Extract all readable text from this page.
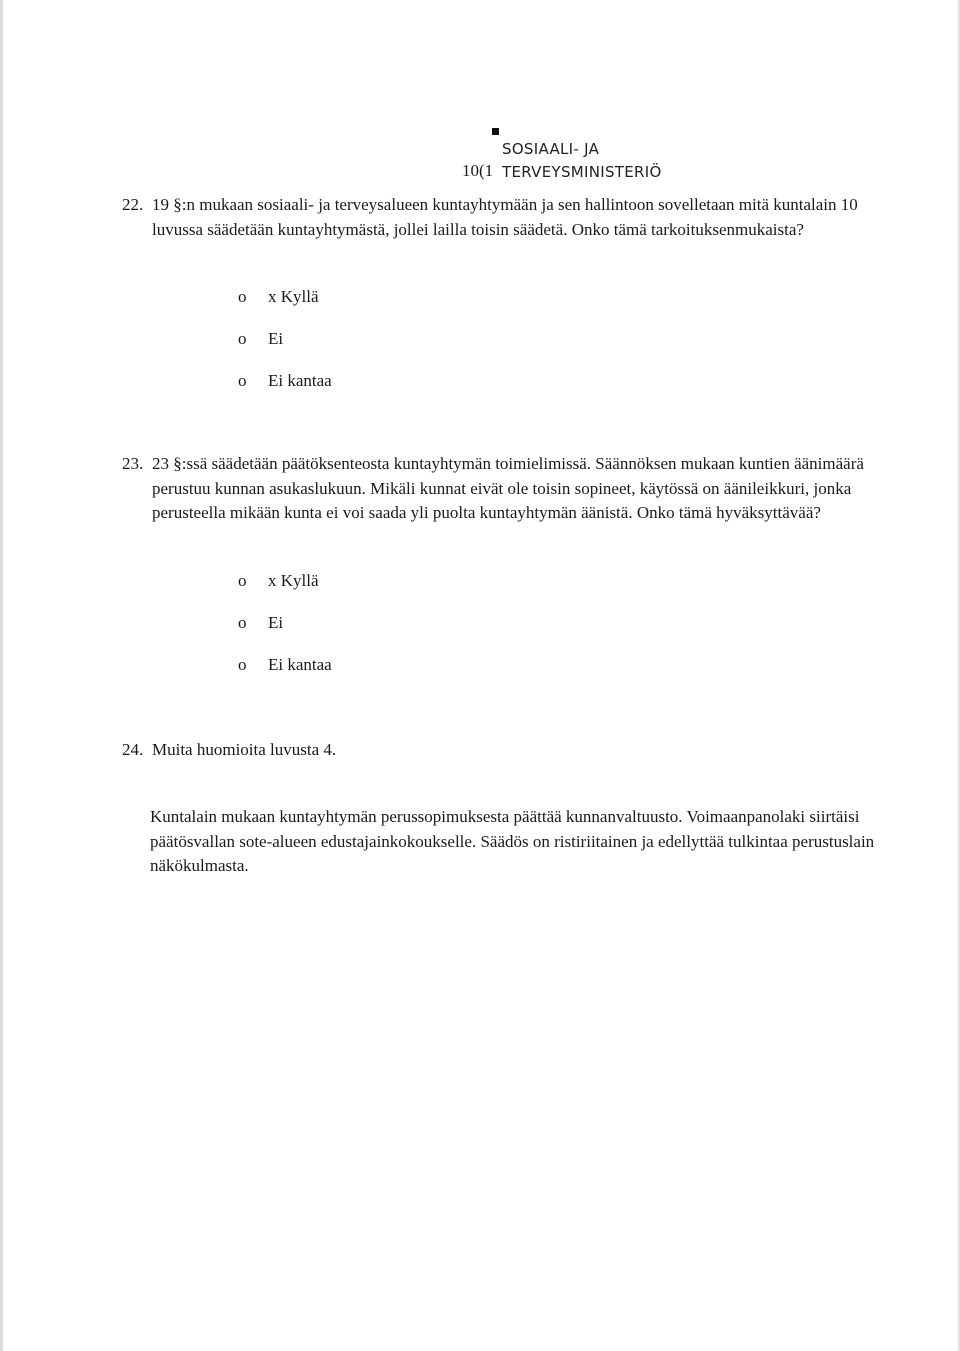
SOSIAALI- JA
10(1 TERVEYSMINISTERIÖ
22. 19 §:n mukaan sosiaali- ja terveysalueen kuntayhtymään ja sen hallintoon sovelletaan mitä kuntalain 10 luvussa säädetään kuntayhtymästä, jollei lailla toisin säädetä. Onko tämä tarkoituksenmukaista?
o x Kyllä
o Ei
o Ei kantaa
23. 23 §:ssä säädetään päätöksenteosta kuntayhtymän toimielimissä. Säännöksen mukaan kuntien äänimäärä perustuu kunnan asukaslukuun. Mikäli kunnat eivät ole toisin sopineet, käytössä on äänileikkuri, jonka perusteella mikään kunta ei voi saada yli puolta kuntayhtymän äänistä. Onko tämä hyväksyttävää?
o x Kyllä
o Ei
o Ei kantaa
24. Muita huomioita luvusta 4.
Kuntalain mukaan kuntayhtymän perussopimuksesta päättää kunnanvaltuusto. Voimaanpanolaki siirtäisi päätösvallan sote-alueen edustajainkokoukselle. Säädös on ristiriitainen ja edellyttää tulkintaa perustuslain näkökulmasta.
